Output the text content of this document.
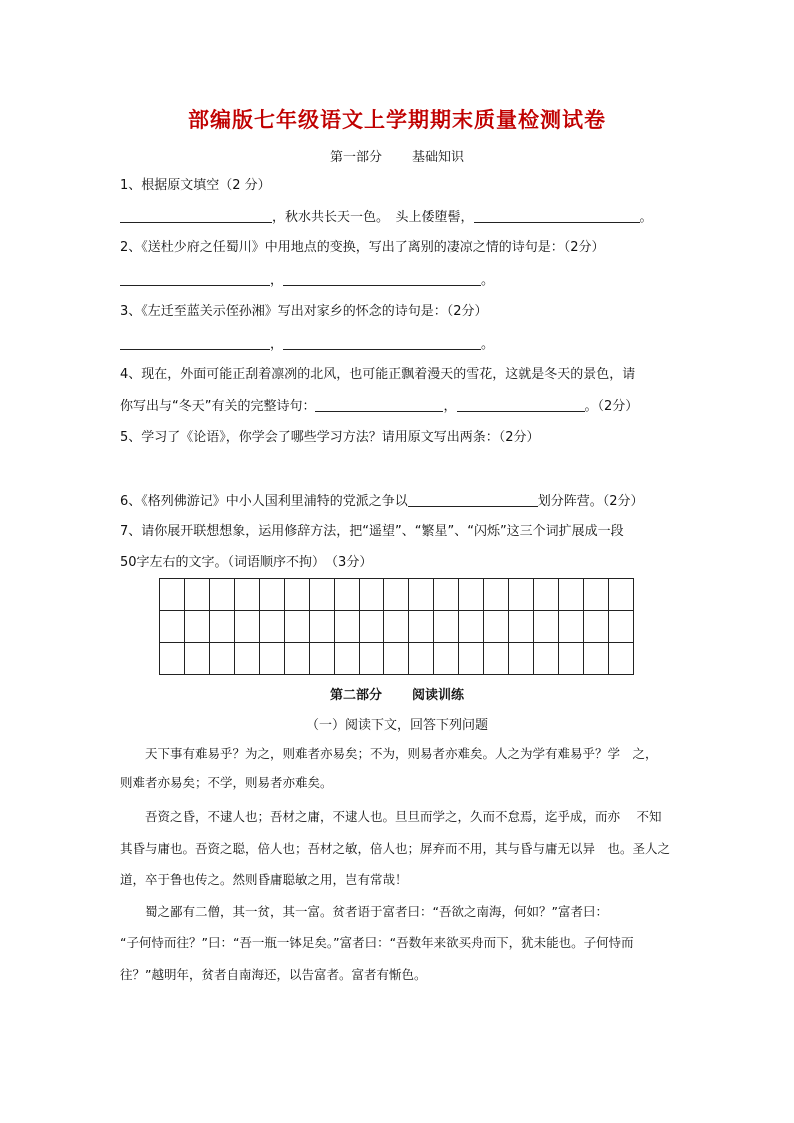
部编版七年级语文上学期期末质量检测试卷
第一部分 基础知识
1、根据原文填空（2 分）
，秋水共长天一色。　头上倭堕髻，	。
2、《送杜少府之任蜀川》中用地点的变换，写出了离别的凄凉之情的诗句是：（2分）
，	。
3、《左迁至蓝关示侄孙湘》写出对家乡的怀念的诗句是：（2分）
，	。
4、现在，外面可能正刮着凛冽的北风，也可能正飘着漫天的雪花，这就是冬天的景色，请
你写出与“冬天”有关的完整诗句：	，	。（2分）
5、学习了《论语》，你学会了哪些学习方法？请用原文写出两条：（2分）
6、《格列佛游记》中小人国利里浦特的党派之争以	划分阵营。（2分）
7、请你展开联想想象，运用修辞方法，把“遥望”、“繁星”、“闪烁”这三个词扩展成一段
50字左右的文字。（词语顺序不拘）　（3分）

第二部分 阅读训练
（一）阅读下文，回答下列问题
　　天下事有难易乎？为之，则难者亦易矣；不为，则易者亦难矣。人之为学有难易乎？学　之，
则难者亦易矣；不学，则易者亦难矣。
　　吾资之昏，不逮人也；吾材之庸，不逮人也。旦旦而学之，久而不怠焉，迄乎成，而亦　 不知
其昏与庸也。吾资之聪，倍人也；吾材之敏，倍人也；屏弃而不用，其与昏与庸无以异　也。圣人之
道，卒于鲁也传之。然则昏庸聪敏之用，岂有常哉！
　　蜀之鄙有二僧，其一贫，其一富。贫者语于富者曰：“吾欲之南海，何如？”富者曰：
“子何恃而往？”曰：“吾一瓶一钵足矣。”富者曰：“吾数年来欲买舟而下，犹未能也。子何恃而
往？”越明年，贫者自南海还，以告富者。富者有惭色。
